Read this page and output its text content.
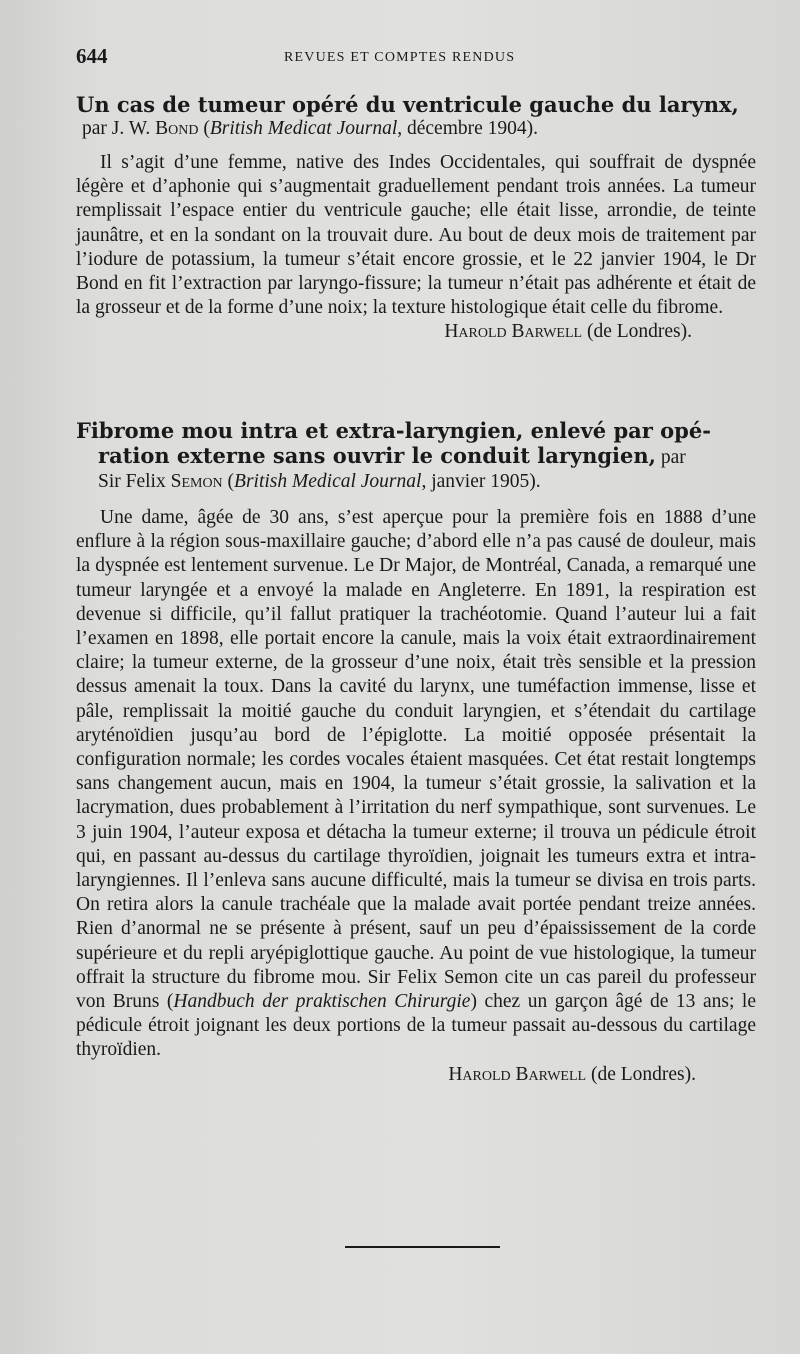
644	REVUES ET COMPTES RENDUS
Un cas de tumeur opéré du ventricule gauche du larynx,
par J. W. Bond (British Medicat Journal, décembre 1904).

Il s’agit d’une femme, native des Indes Occidentales, qui souffrait de dyspnée légère et d’aphonie qui s’augmentait graduellement pendant trois années. La tumeur remplissait l’espace entier du ventricule gauche; elle était lisse, arrondie, de teinte jaunâtre, et en la sondant on la trouvait dure. Au bout de deux mois de traitement par l’iodure de potassium, la tumeur s’était encore grossie, et le 22 janvier 1904, le Dr Bond en fit l’extraction par laryngo-fissure; la tumeur n’était pas adhérente et était de la grosseur et de la forme d’une noix; la texture histologique était celle du fibrome.

Harold Barwell (de Londres).
Fibrome mou intra et extra-laryngien, enlevé par opé-
ration externe sans ouvrir le conduit laryngien, par
Sir Felix Semon (British Medical Journal, janvier 1905).

Une dame, âgée de 30 ans, s’est aperçue pour la première fois en 1888 d’une enflure à la région sous-maxillaire gauche; d’abord elle n’a pas causé de douleur, mais la dyspnée est lentement survenue. Le Dr Major, de Montréal, Canada, a remarqué une tumeur laryngée et a envoyé la malade en Angleterre. En 1891, la respiration est devenue si difficile, qu’il fallut pratiquer la trachéotomie. Quand l’auteur lui a fait l’examen en 1898, elle portait encore la canule, mais la voix était extraordinairement claire; la tumeur externe, de la grosseur d’une noix, était très sensible et la pression dessus amenait la toux. Dans la cavité du larynx, une tuméfaction immense, lisse et pâle, remplissait la moitié gauche du conduit laryngien, et s’étendait du cartilage aryténoïdien jusqu’au bord de l’épiglotte. La moitié opposée présentait la configuration normale; les cordes vocales étaient masquées. Cet état restait longtemps sans changement aucun, mais en 1904, la tumeur s’était grossie, la salivation et la lacrymation, dues probablement à l’irritation du nerf sympathique, sont survenues. Le 3 juin 1904, l’auteur exposa et détacha la tumeur externe; il trouva un pédicule étroit qui, en passant au-dessus du cartilage thyroïdien, joignait les tumeurs extra et intra-laryngiennes. Il l’enleva sans aucune difficulté, mais la tumeur se divisa en trois parts. On retira alors la canule trachéale que la malade avait portée pendant treize années. Rien d’anormal ne se présente à présent, sauf un peu d’épaississement de la corde supérieure et du repli aryépiglottique gauche. Au point de vue histologique, la tumeur offrait la structure du fibrome mou. Sir Felix Semon cite un cas pareil du professeur von Bruns (Handbuch der praktischen Chirurgie) chez un garçon âgé de 13 ans; le pédicule étroit joignant les deux portions de la tumeur passait au-dessous du cartilage thyroïdien.

Harold Barwell (de Londres).
